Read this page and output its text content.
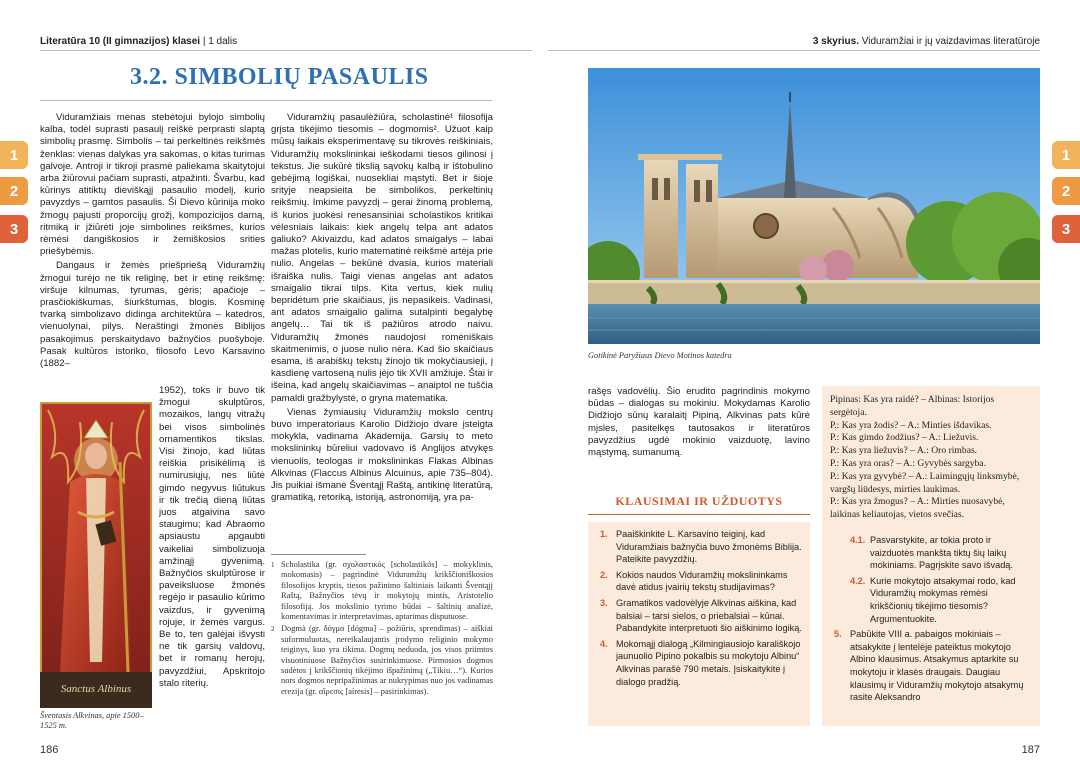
Literatūra 10 (II gimnazijos) klasei | 1 dalis	3 skyrius. Viduramžiai ir jų vaizdavimas literatūroje
1
2
3
1
2
3
3.2. SIMBOLIŲ PASAULIS

Viduramžiais menas stebėtojui bylojo simbolių kalba, todėl suprasti pasaulį reiškė perprasti slaptą simbolių prasmę. Simbolis – tai perkeltinės reikšmės ženklas: vienas dalykas yra sakomas, o kitas turimas galvoje. Antroji ir tikroji prasmė paliekama skaitytojui arba žiūrovui pačiam suprasti, atpažinti. Švarbu, kad kūrinys atitiktų dieviškąjį pasaulio modelį, kurio pavyzdys – gamtos pasaulis. Ši Dievo kūrinija moko žmogų pajusti proporcijų grožį, kompozicijos darną, ritmiką ir įžiūrėti joje simbolines reikšmes, kurios rėmėsi dangiškosios ir žemiškosios srities priešybėmis.

Dangaus ir žemės priešpriešą Viduramžių žmogui turėjo ne tik religinę, bet ir etinę reikšmę: viršuje kilnumas, tyrumas, gėris; apačioje – prasčiokiškumas, šiurkštumas, blogis. Kosminę tvarką simbolizavo didinga architektūra – katedros, vienuolynai, pilys. Neraštingi žmonės Biblijos pasakojimus perskaitydavo bažnyčios puošyboje. Pasak kultūros istoriko, filosofo Levo Karsavino (1882–

1952), toks ir buvo tik žmogui skulptūros, mozaikos, langų vitražų bei visos simbolinės ornamentikos tikslas. Visi žinojo, kad liūtas reiškia prisikėlimą iš numirusiųjų, nes liūtė gimdo negyvus liūtukus ir tik trečią dieną liūtas juos atgaivina savo staugimu; kad Abraomo apsiaustu apgaubti vaikeliai simbolizuoja amžinąjį gyvenimą. Bažnyčios skulptūrose ir paveiksluose žmonės regėjo ir pasaulio kūrimo vaizdus, ir gyvenimą rojuje, ir žemės vargus. Be to, ten galėjai išvysti ne tik garsių valdovų, bet ir romanų herojų, pavyzdžiui, Apskritojo stalo riterių.

Sanctus Albinus
Šventasis Alkvinas, apie 1500–1525 m.

Viduramžių pasaulėžiūra, scholastinė¹ filosofija grįsta tikėjimo tiesomis – dogmomis². Užuot kaip mūsų laikais eksperimentavę su tikrovės reiškiniais, Viduramžių mokslininkai ieškodami tiesos gilinosi į tekstus. Jie sukūrė tikslią sąvokų kalbą ir ištobulino gebėjimą logiškai, nuosekliai mąstyti. Bet ir šioje srityje neapsieita be simbolikos, perkeltinių reikšmių. Imkime pavyzdį – gerai žinomą problemą, iš kurios juokėsi renesansiniai scholastikos kritikai vėlesniais laikais: kiek angelų telpa ant adatos galiuko? Akivaizdu, kad adatos smaigalys – labai mažas plotelis, kurio matematinė reikšmė artėja prie nulio. Angelas – bekūnė dvasia, kurios materiali išraiška nulis. Taigi vienas angelas ant adatos smaigalio tikrai tilps. Kita vertus, kiek nulių bepridėtum prie skaičiaus, jis nepasikeis. Vadinasi, ant adatos smaigalio galima sutalpinti begalybę angelų… Tai tik iš pažiūros atrodo naivu. Viduramžių žmonės naudojosi romėniškais skaitmenimis, o juose nulio nėra. Kad šio skaičiaus esama, iš arabiškų tekstų žinojo tik mokyčiausieji, į kasdienę vartoseną nulis įėjo tik XVII amžiuje. Štai ir išeina, kad angelų skaičiavimas – anaiptol ne tuščia pamaldi gražbylystė, o gryna matematika.

Vienas žymiausių Viduramžių mokslo centrų buvo imperatoriaus Karolio Didžiojo dvare įsteigta mokykla, vadinama Akademija. Garsių to meto mokslininkų būreliui vadovavo iš Anglijos atvykęs vienuolis, teologas ir mokslininkas Flakas Albinas Alkvinas (Flaccus Albinus Alcuinus, apie 735–804). Jis puikiai išmanė Šventąjį Raštą, antikinę literatūrą, gramatiką, retoriką, istoriją, astronomiją, yra pa-

1 Scholastika (gr. σχολαστικός [scholastikós] – mokyklinis, mokomasis) – pagrindinė Viduramžių krikščioniškosios filosofijos kryptis, tiesos pažinimo šaltiniais laikanti Šventąjį Raštą, Bažnyčios tėvų ir mokytojų mintis, Aristotelio filosofiją. Jos mokslinio tyrimo būdai – šaltinių analizė, komentavimas ir interpretavimas, aptarimas disputuose.
2 Dogmà (gr. δόγμα [dógma] – požiūris, sprendimas) – aiškiai suformuluotas, nereikalaujantis įrodymo religinio mokymo teiginys, kuo yra tikima. Dogmų neduoda, jos visos priimtos visuotiniuose Bažnyčios susirinkimuose. Pirmosios dogmos sudėtos į krikščionių tikėjimo išpažinimą („Tikiu…“). Kurios nors dogmos nepripažinimas ar nukrypimas nuo jos vadinamas erezija (gr. αἵρεσις [aíresis] – pasirinkimas).
186	187
Gotikinė Paryžiaus Dievo Motinos katedra

rašęs vadovėlių. Šio erudito pagrindinis mokymo būdas – dialogas su mokiniu. Mokydamas Karolio Didžiojo sūnų karalaitį Pipiną, Alkvinas pats kūrė mįsles, pasitelkęs tautosakos ir literatūros pavyzdžius ugdė mokinio vaizduotę, lavino mąstymą, sumanumą.

KLAUSIMAI IR UŽDUOTYS
1. Paaiškinkite L. Karsavino teiginį, kad Viduramžiais bažnyčia buvo žmonėms Biblija. Pateikite pavyzdžių.
2. Kokios naudos Viduramžių mokslininkams davė atidus įvairių tekstų studijavimas?
3. Gramatikos vadovėlyje Alkvinas aiškina, kad balsiai – tarsi sielos, o priebalsiai – kūnai. Pabandykite interpretuoti šio aiškinimo logiką.
4. Mokomąjį dialogą „Kilmingiausiojo karališkojo jaunuolio Pipino pokalbis su mokytoju Albinu“ Alkvinas parašė 790 metais. Įsiskaitykite į dialogo pradžią.
Pipinas: Kas yra raidė? – Albinas: Istorijos sergėtoja.
P.: Kas yra žodis? – A.: Minties išdavikas.
P.: Kas gimdo žodžius? – A.: Liežuvis.
P.: Kas yra liežuvis? – A.: Oro rimbas.
P.: Kas yra oras? – A.: Gyvybės sargyba.
P.: Kas yra gyvybė? – A.: Laimingųjų linksmybė, vargšų liūdesys, mirties laukimas.
P.: Kas yra žmogus? – A.: Mirties nuosavybė, laikinas keliautojas, vietos svečias.
4.1. Pasvarstykite, ar tokia proto ir vaizduotės mankšta tiktų šių laikų mokiniams. Pagrįskite savo išvadą.
4.2. Kurie mokytojo atsakymai rodo, kad Viduramžių mokymas rėmėsi krikščionių tikėjimo tiesomis? Argumentuokite.
5. Pabūkite VIII a. pabaigos mokiniais – atsakykite į lentelėje pateiktus mokytojo Albino klausimus. Atsakymus aptarkite su mokytoju ir klasės draugais. Daugiau klausimų ir Viduramžių mokytojo atsakymų rasite Aleksandro
